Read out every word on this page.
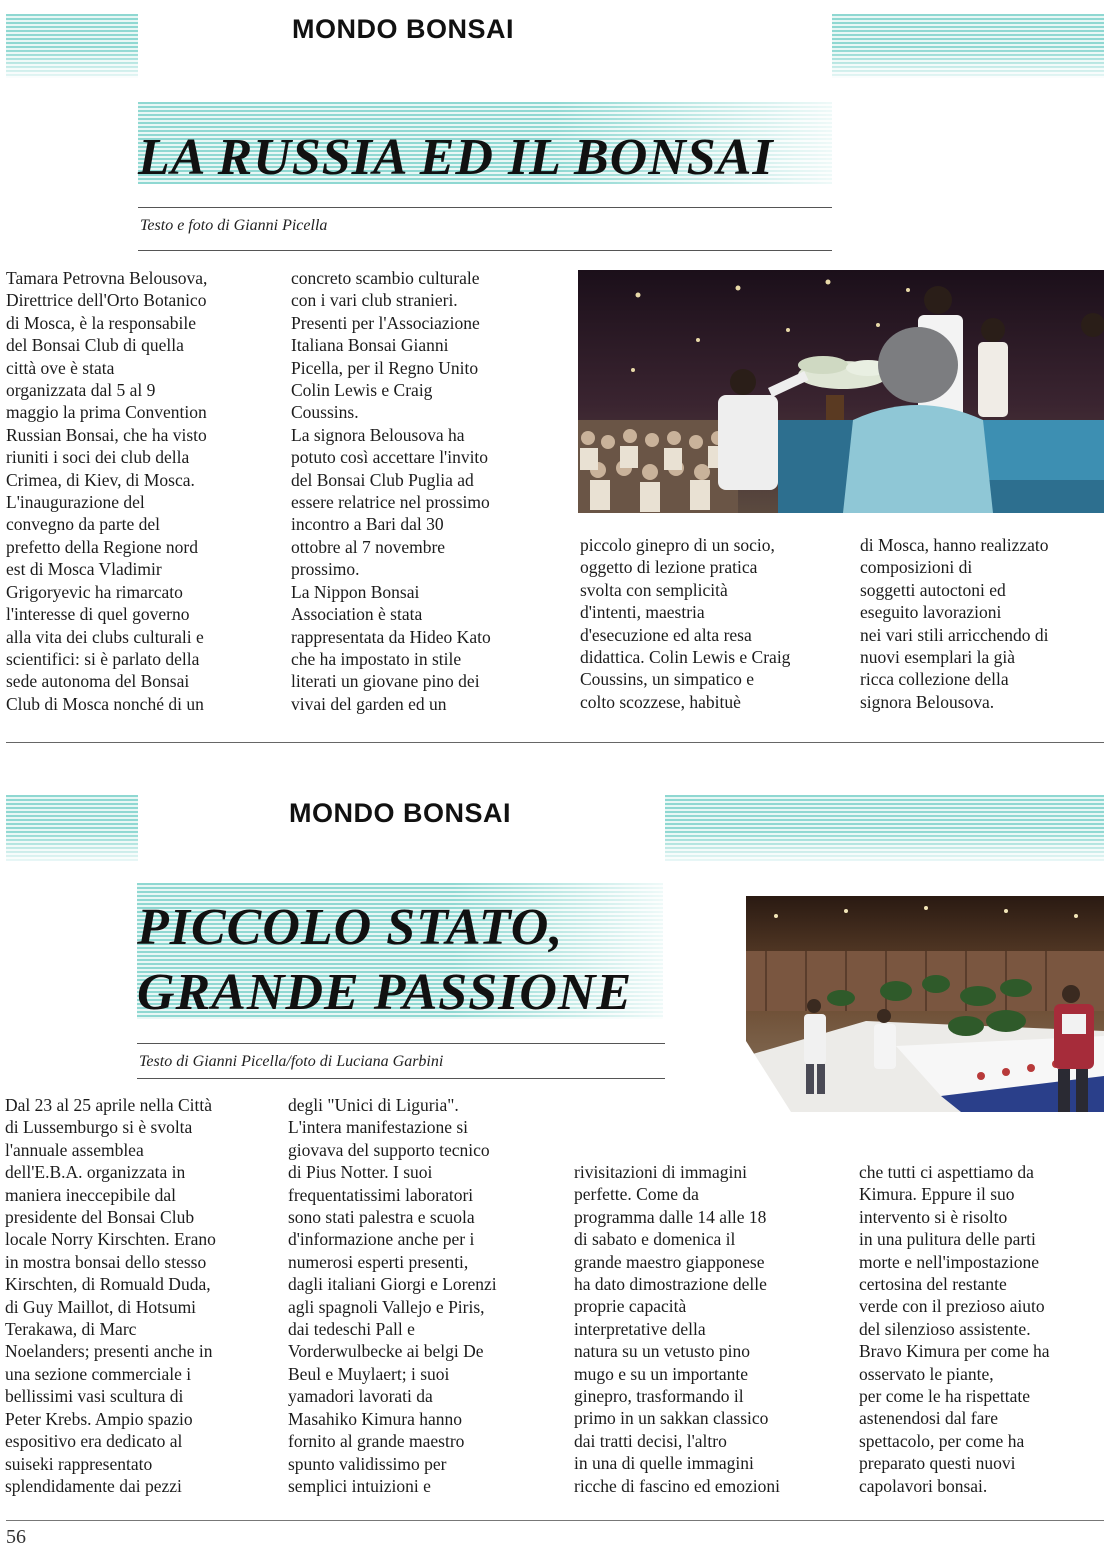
MONDO BONSAI
LA RUSSIA ED IL BONSAI
Testo e foto di Gianni Picella

Tamara Petrovna Belousova,

Direttrice dell'Orto Botanico

di Mosca, è la responsabile

del Bonsai Club di quella

città ove è stata

organizzata dal 5 al 9

maggio la prima Convention

Russian Bonsai, che ha visto

riuniti i soci dei club della

Crimea, di Kiev, di Mosca.

L'inaugurazione del

convegno da parte del

prefetto della Regione nord

est di Mosca Vladimir

Grigoryevic ha rimarcato

l'interesse di quel governo

alla vita dei clubs culturali e

scientifici: si è parlato della

sede autonoma del Bonsai

Club di Mosca nonché di un

concreto scambio culturale

con i vari club stranieri.

Presenti per l'Associazione

Italiana Bonsai Gianni

Picella, per il Regno Unito

Colin Lewis e Craig

Coussins.

La signora Belousova ha

potuto così accettare l'invito

del Bonsai Club Puglia ad

essere relatrice nel prossimo

incontro a Bari dal 30

ottobre al 7 novembre

prossimo.

La Nippon Bonsai

Association è stata

rappresentata da Hideo Kato

che ha impostato in stile

literati un giovane pino dei

vivai del garden ed un

piccolo ginepro di un socio,

oggetto di lezione pratica

svolta con semplicità

d'intenti, maestria

d'esecuzione ed alta resa

didattica. Colin Lewis e Craig

Coussins, un simpatico e

colto scozzese, habituè

di Mosca, hanno realizzato

composizioni di

soggetti autoctoni ed

eseguito lavorazioni

nei vari stili arricchendo di

nuovi esemplari la già

ricca collezione della

signora Belousova.

MONDO BONSAI
PICCOLO STATO,
GRANDE PASSIONE
Testo di Gianni Picella/foto di Luciana Garbini

Dal 23 al 25 aprile nella Città

di Lussemburgo si è svolta

l'annuale assemblea

dell'E.B.A. organizzata in

maniera ineccepibile dal

presidente del Bonsai Club

locale Norry Kirschten. Erano

in mostra bonsai dello stesso

Kirschten, di Romuald Duda,

di Guy Maillot, di Hotsumi

Terakawa, di Marc

Noelanders; presenti anche in

una sezione commerciale i

bellissimi vasi scultura di

Peter Krebs. Ampio spazio

espositivo era dedicato al

suiseki rappresentato

splendidamente dai pezzi

degli "Unici di Liguria".

L'intera manifestazione si

giovava del supporto tecnico

di Pius Notter. I suoi

frequentatissimi laboratori

sono stati palestra e scuola

d'informazione anche per i

numerosi esperti presenti,

dagli italiani Giorgi e Lorenzi

agli spagnoli Vallejo e Piris,

dai tedeschi Pall e

Vorderwulbecke ai belgi De

Beul e Muylaert; i suoi

yamadori lavorati da

Masahiko Kimura hanno

fornito al grande maestro

spunto validissimo per

semplici intuizioni e

rivisitazioni di immagini

perfette. Come da

programma dalle 14 alle 18

di sabato e domenica il

grande maestro giapponese

ha dato dimostrazione delle

proprie capacità

interpretative della

natura su un vetusto pino

mugo e su un importante

ginepro, trasformando il

primo in un sakkan classico

dai tratti decisi, l'altro

in una di quelle immagini

ricche di fascino ed emozioni

che tutti ci aspettiamo da

Kimura. Eppure il suo

intervento si è risolto

in una pulitura delle parti

morte e nell'impostazione

certosina del restante

verde con il prezioso aiuto

del silenzioso assistente.

Bravo Kimura per come ha

osservato le piante,

per come le ha rispettate

astenendosi dal fare

spettacolo, per come ha

preparato questi nuovi

capolavori bonsai.

56
